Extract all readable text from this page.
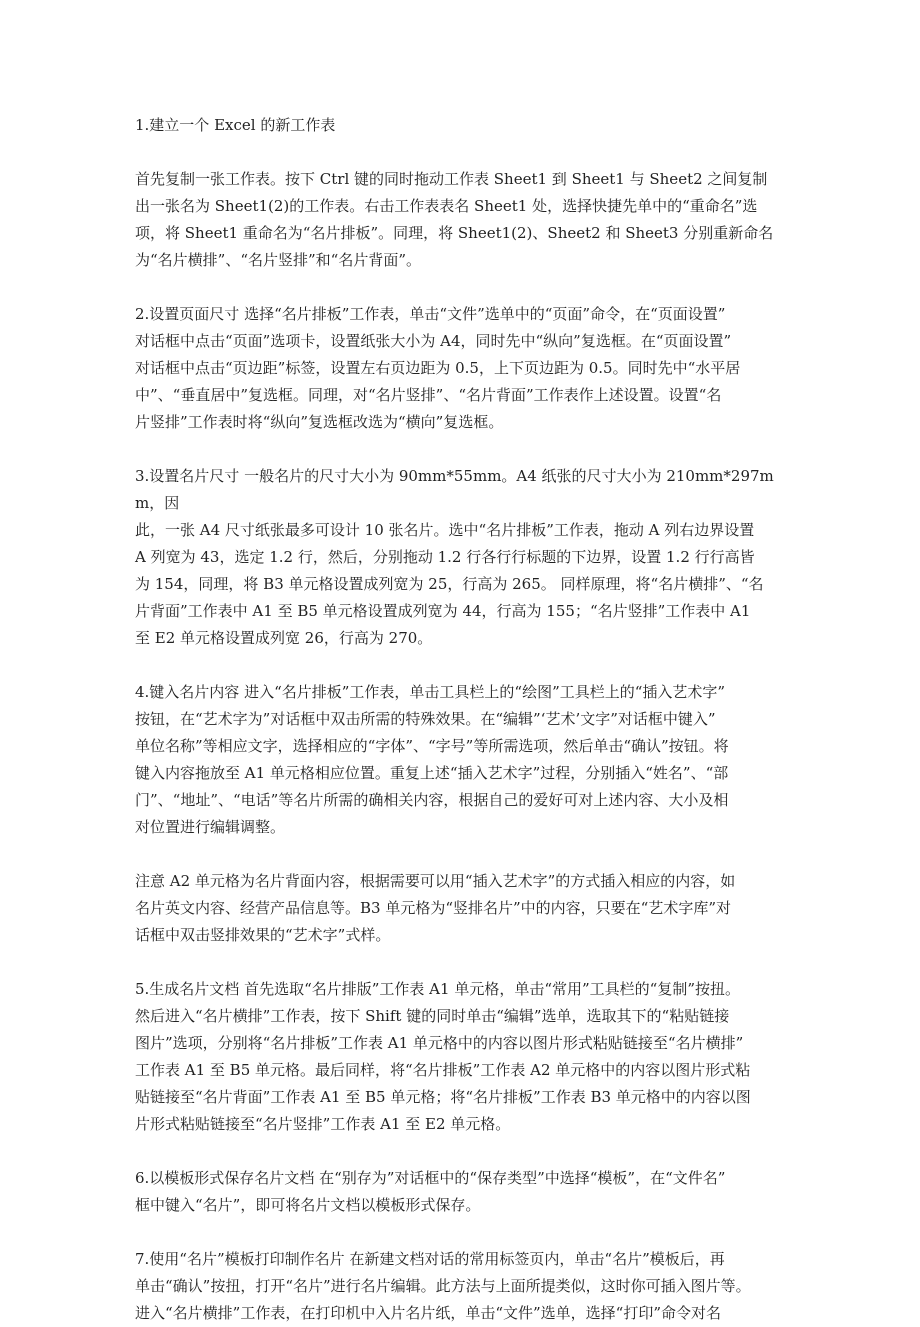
1.建立一个 Excel 的新工作表

首先复制一张工作表。按下 Ctrl 键的同时拖动工作表 Sheet1 到 Sheet1 与 Sheet2 之间复制
出一张名为 Sheet1(2)的工作表。右击工作表表名 Sheet1 处，选择快捷先单中的“重命名”选
项，将 Sheet1 重命名为“名片排板”。同理，将 Sheet1(2)、Sheet2 和 Sheet3 分别重新命名
为“名片横排”、“名片竖排”和“名片背面”。

2.设置页面尺寸 选择“名片排板”工作表，单击“文件”选单中的“页面”命令，在“页面设置”
对话框中点击“页面”选项卡，设置纸张大小为 A4，同时先中“纵向”复选框。在“页面设置”
对话框中点击“页边距”标签，设置左右页边距为 0.5，上下页边距为 0.5。同时先中“水平居
中”、“垂直居中”复选框。同理，对“名片竖排”、“名片背面”工作表作上述设置。设置“名
片竖排”工作表时将“纵向”复选框改选为“横向”复选框。

3.设置名片尺寸 一般名片的尺寸大小为 90mm*55mm。A4 纸张的尺寸大小为 210mm*297mm，因
此，一张 A4 尺寸纸张最多可设计 10 张名片。选中“名片排板”工作表，拖动 A 列右边界设置
A 列宽为 43，选定 1.2 行，然后，分别拖动 1.2 行各行行标题的下边界，设置 1.2 行行高皆
为 154，同理，将 B3 单元格设置成列宽为 25，行高为 265。 同样原理，将“名片横排”、“名
片背面”工作表中 A1 至 B5 单元格设置成列宽为 44，行高为 155；“名片竖排”工作表中 A1
至 E2 单元格设置成列宽 26，行高为 270。

4.键入名片内容 进入“名片排板”工作表，单击工具栏上的“绘图”工具栏上的“插入艺术字”
按钮，在“艺术字为”对话框中双击所需的特殊效果。在“编辑”‘艺术’文字”对话框中键入”
单位名称”等相应文字，选择相应的“字体”、“字号”等所需选项，然后单击“确认”按钮。将
键入内容拖放至 A1 单元格相应位置。重复上述“插入艺术字”过程，分别插入“姓名”、“部
门”、“地址”、“电话”等名片所需的确相关内容，根据自己的爱好可对上述内容、大小及相
对位置进行编辑调整。

注意 A2 单元格为名片背面内容，根据需要可以用“插入艺术字”的方式插入相应的内容，如
名片英文内容、经营产品信息等。B3 单元格为“竖排名片”中的内容，只要在“艺术字库”对
话框中双击竖排效果的“艺术字”式样。

5.生成名片文档 首先选取“名片排版”工作表 A1 单元格，单击“常用”工具栏的“复制”按扭。
然后进入“名片横排”工作表，按下 Shift 键的同时单击“编辑”选单，选取其下的“粘贴链接
图片”选项，分别将“名片排板”工作表 A1 单元格中的内容以图片形式粘贴链接至“名片横排”
工作表 A1 至 B5 单元格。最后同样，将“名片排板”工作表 A2 单元格中的内容以图片形式粘
贴链接至“名片背面”工作表 A1 至 B5 单元格；将“名片排板”工作表 B3 单元格中的内容以图
片形式粘贴链接至“名片竖排”工作表 A1 至 E2 单元格。

6.以模板形式保存名片文档 在“别存为”对话框中的“保存类型”中选择“模板”，在“文件名”
框中键入“名片”，即可将名片文档以模板形式保存。

7.使用“名片”模板打印制作名片 在新建文档对话的常用标签页内，单击“名片”模板后，再
单击“确认”按扭，打开“名片”进行名片编辑。此方法与上面所提类似，这时你可插入图片等。
进入“名片横排”工作表，在打印机中入片名片纸，单击“文件”选单，选择“打印”命令对名
